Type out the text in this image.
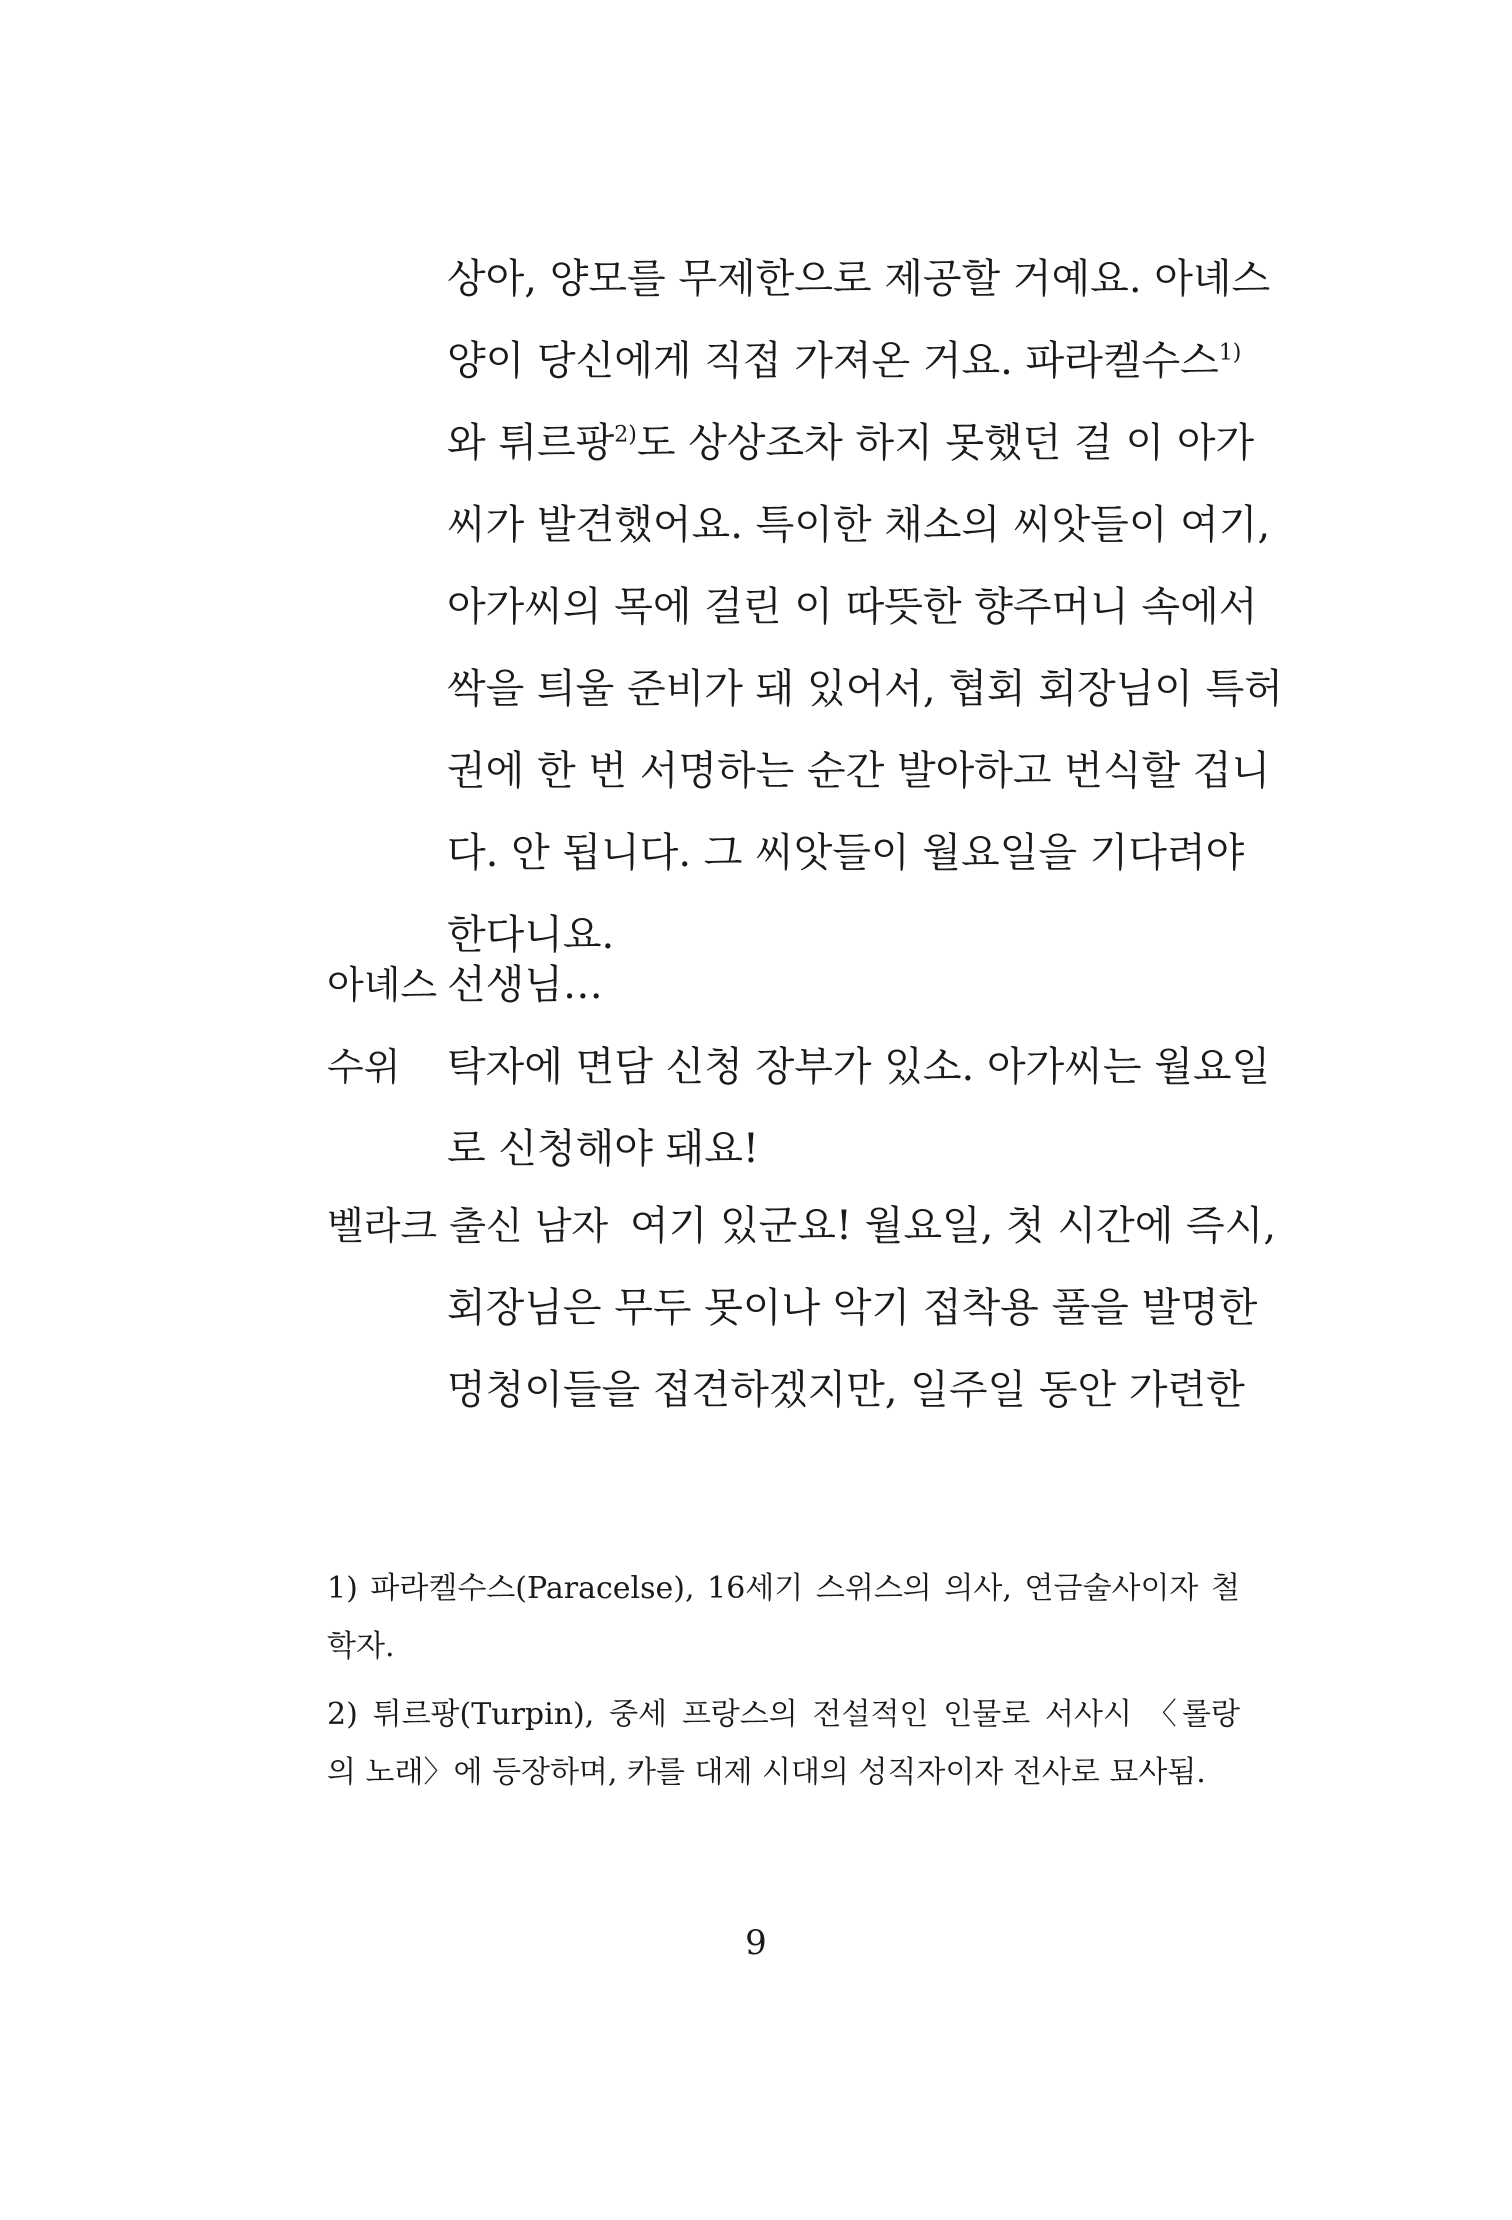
상아, 양모를 무제한으로 제공할 거예요. 아녜스
양이 당신에게 직접 가져온 거요. 파라켈수스$^{1)}$
와 튀르팡$^{2)}$도 상상조차 하지 못했던 걸 이 아가
씨가 발견했어요. 특이한 채소의 씨앗들이 여기,
아가씨의 목에 걸린 이 따뜻한 향주머니 속에서
싹을 틔울 준비가 돼 있어서, 협회 회장님이 특허
권에 한 번 서명하는 순간 발아하고 번식할 겁니
다. 안 됩니다. 그 씨앗들이 월요일을 기다려야
한다니요.
아녜스 선생님…
수위 탁자에 면담 신청 장부가 있소. 아가씨는 월요일
로 신청해야 돼요!
벨라크 출신 남자 여기 있군요! 월요일, 첫 시간에 즉시,
회장님은 무두 못이나 악기 접착용 풀을 발명한
멍청이들을 접견하겠지만, 일주일 동안 가련한
1) 파라켈수스(Paracelse), 16세기 스위스의 의사, 연금술사이자 철
학자.
2) 튀르팡(Turpin), 중세 프랑스의 전설적인 인물로 서사시 〈롤랑
의 노래〉에 등장하며, 카를 대제 시대의 성직자이자 전사로 묘사됨.
9
